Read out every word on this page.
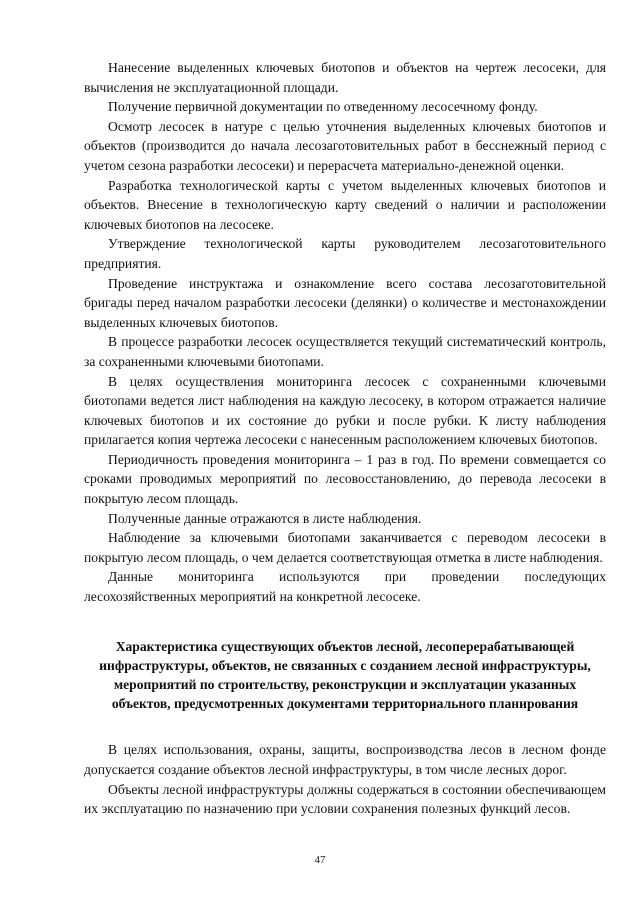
Нанесение выделенных ключевых биотопов и объектов на чертеж лесосеки, для вычисления не эксплуатационной площади.

Получение первичной документации по отведенному лесосечному фонду.

Осмотр лесосек в натуре с целью уточнения выделенных ключевых биотопов и объектов (производится до начала лесозаготовительных работ в бесснежный период с учетом сезона разработки лесосеки) и перерасчета материально-денежной оценки.

Разработка технологической карты с учетом выделенных ключевых биотопов и объектов. Внесение в технологическую карту сведений о наличии и расположении ключевых биотопов на лесосеке.

Утверждение технологической карты руководителем лесозаготовительного предприятия.

Проведение инструктажа и ознакомление всего состава лесозаготовительной бригады перед началом разработки лесосеки (делянки) о количестве и местонахождении выделенных ключевых биотопов.

В процессе разработки лесосек осуществляется текущий систематический контроль, за сохраненными ключевыми биотопами.

В целях осуществления мониторинга лесосек с сохраненными ключевыми биотопами ведется лист наблюдения на каждую лесосеку, в котором отражается наличие ключевых биотопов и их состояние до рубки и после рубки. К листу наблюдения прилагается копия чертежа лесосеки с нанесенным расположением ключевых биотопов.

Периодичность проведения мониторинга – 1 раз в год. По времени совмещается со сроками проводимых мероприятий по лесовосстановлению, до перевода лесосеки в покрытую лесом площадь.

Полученные данные отражаются в листе наблюдения.

Наблюдение за ключевыми биотопами заканчивается с переводом лесосеки в покрытую лесом площадь, о чем делается соответствующая отметка в листе наблюдения.

Данные мониторинга используются при проведении последующих лесохозяйственных мероприятий на конкретной лесосеке.

Характеристика существующих объектов лесной, лесоперерабатывающей инфраструктуры, объектов, не связанных с созданием лесной инфраструктуры, мероприятий по строительству, реконструкции и эксплуатации указанных объектов, предусмотренных документами территориального планирования

В целях использования, охраны, защиты, воспроизводства лесов в лесном фонде допускается создание объектов лесной инфраструктуры, в том числе лесных дорог.

Объекты лесной инфраструктуры должны содержаться в состоянии обеспечивающем их эксплуатацию по назначению при условии сохранения полезных функций лесов.

47
